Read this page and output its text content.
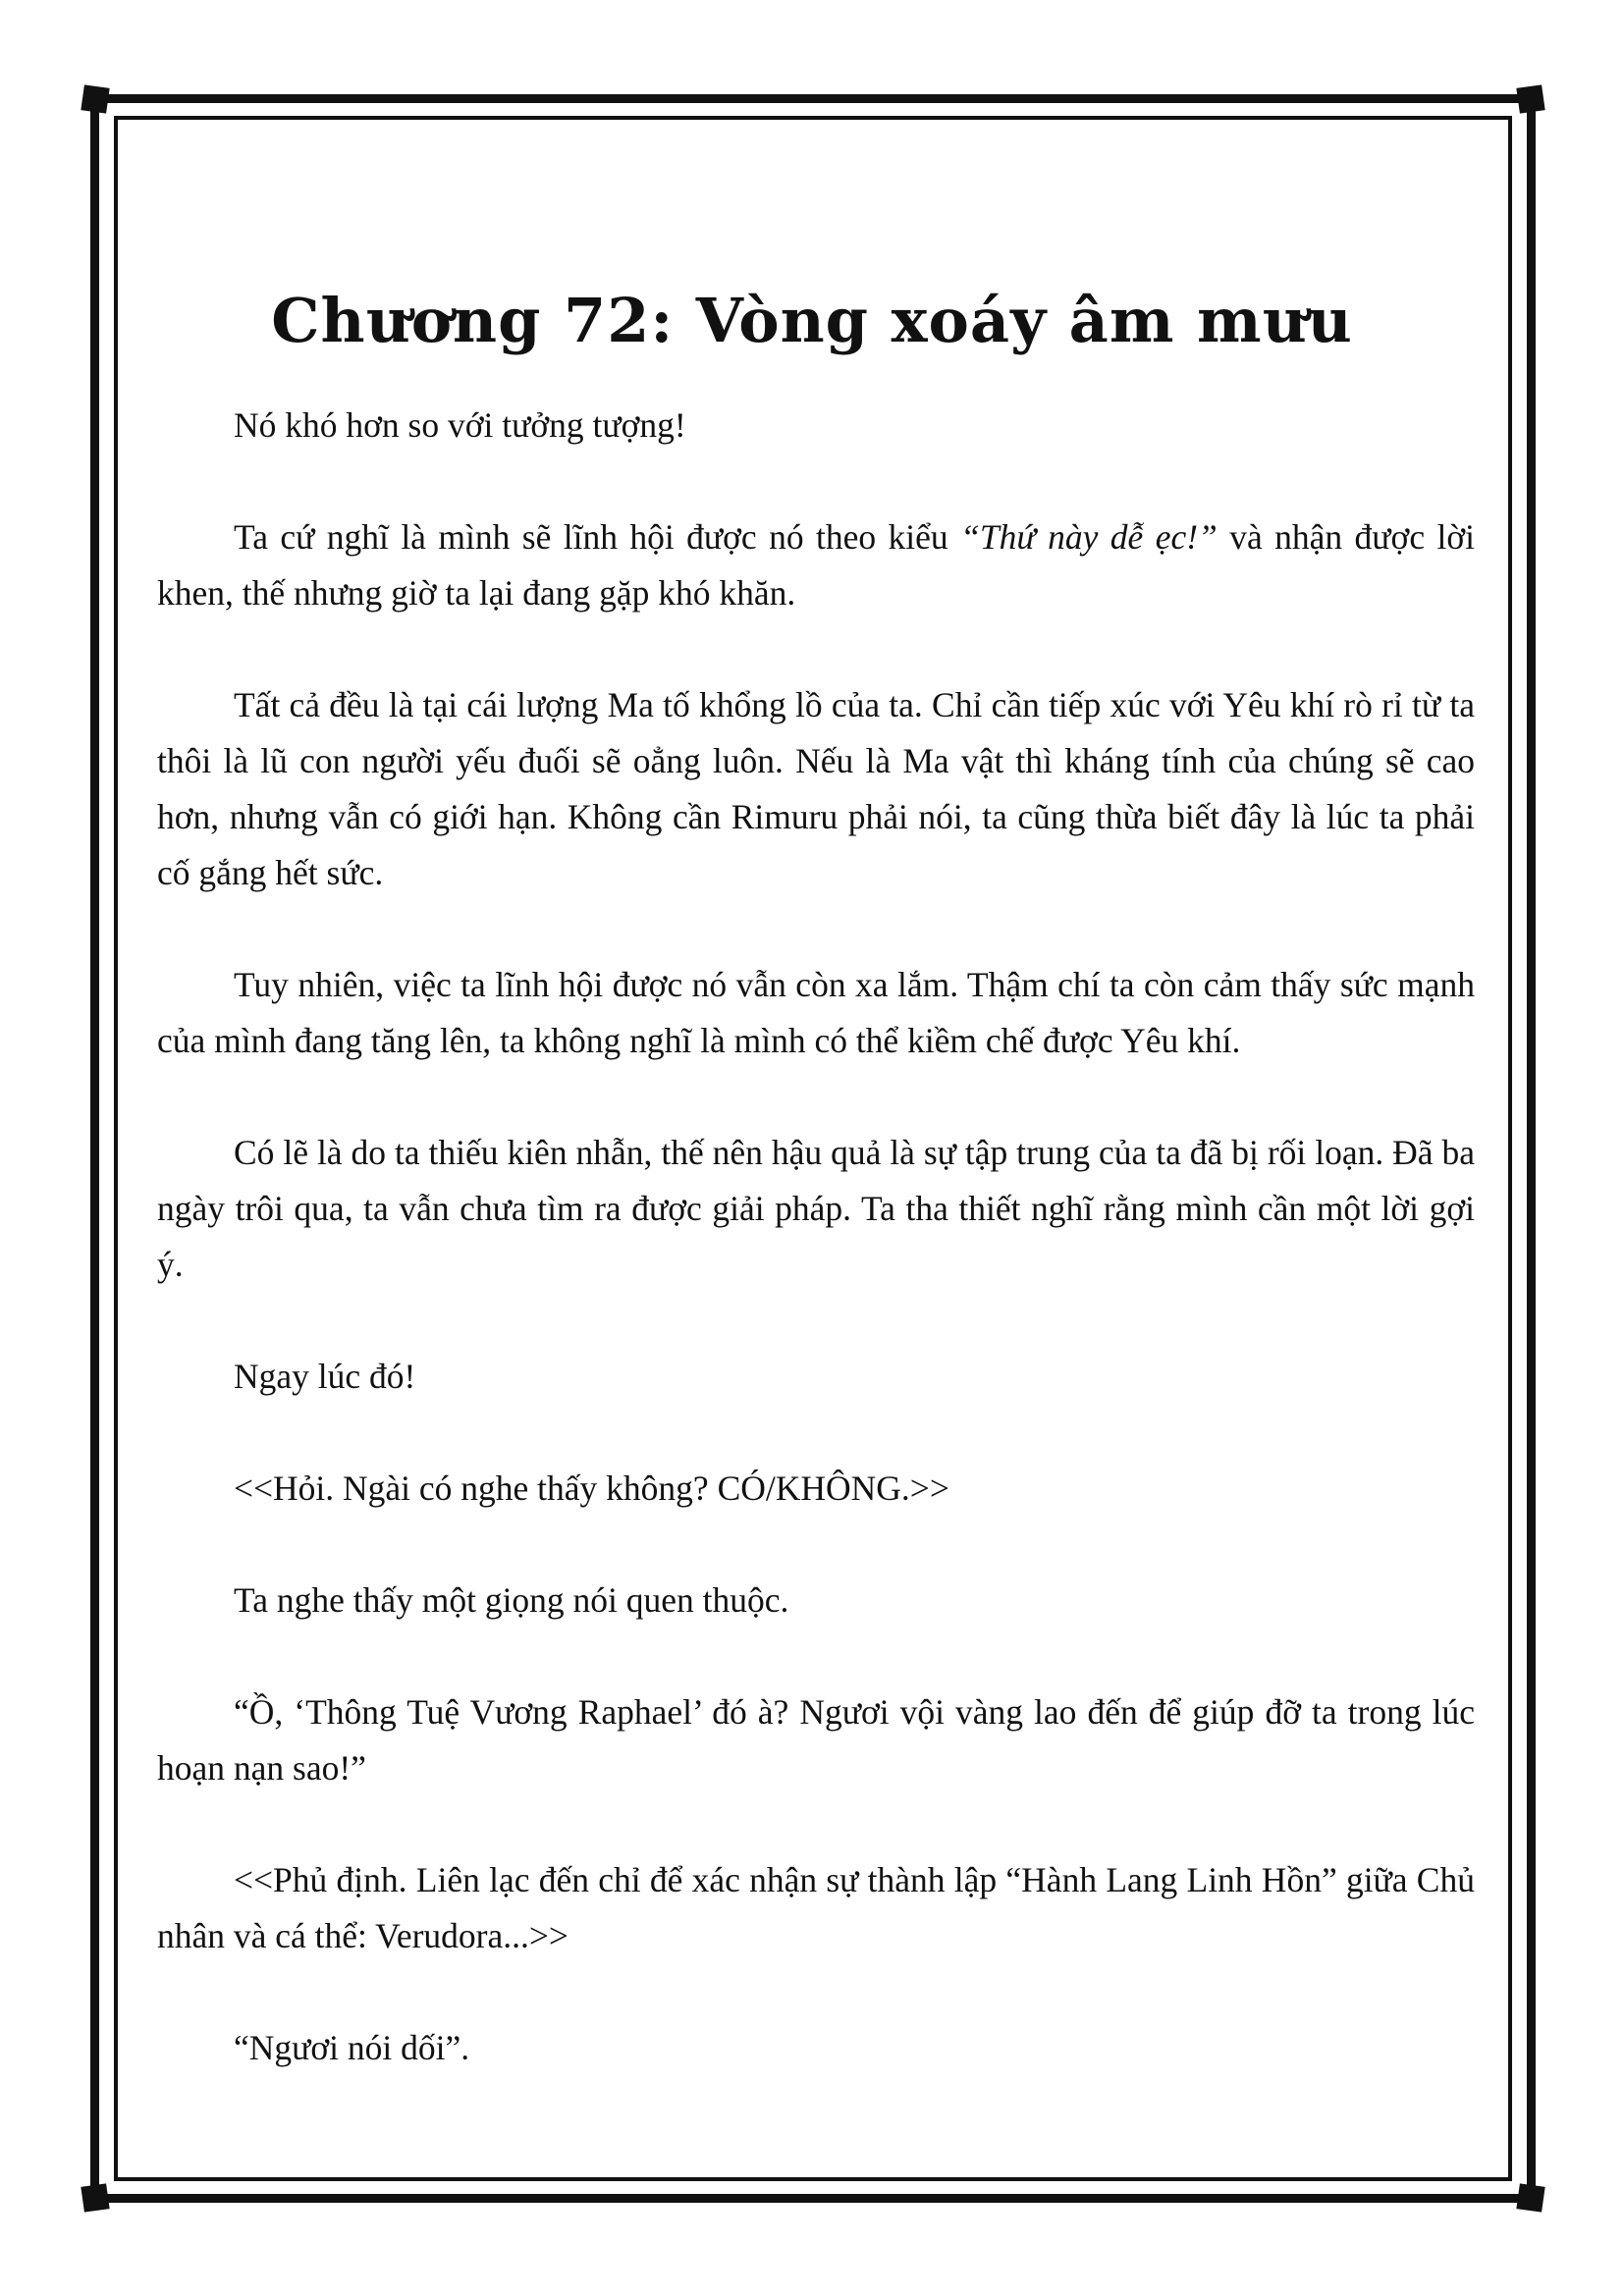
Chương 72: Vòng xoáy âm mưu

Nó khó hơn so với tưởng tượng!

Ta cứ nghĩ là mình sẽ lĩnh hội được nó theo kiểu “Thứ này dễ ẹc!” và nhận được lời khen, thế nhưng giờ ta lại đang gặp khó khăn.

Tất cả đều là tại cái lượng Ma tố khổng lồ của ta. Chỉ cần tiếp xúc với Yêu khí rò rỉ từ ta thôi là lũ con người yếu đuối sẽ oẳng luôn. Nếu là Ma vật thì kháng tính của chúng sẽ cao hơn, nhưng vẫn có giới hạn. Không cần Rimuru phải nói, ta cũng thừa biết đây là lúc ta phải cố gắng hết sức.

Tuy nhiên, việc ta lĩnh hội được nó vẫn còn xa lắm. Thậm chí ta còn cảm thấy sức mạnh của mình đang tăng lên, ta không nghĩ là mình có thể kiềm chế được Yêu khí.

Có lẽ là do ta thiếu kiên nhẫn, thế nên hậu quả là sự tập trung của ta đã bị rối loạn. Đã ba ngày trôi qua, ta vẫn chưa tìm ra được giải pháp. Ta tha thiết nghĩ rằng mình cần một lời gợi ý.

Ngay lúc đó!

<<Hỏi. Ngài có nghe thấy không? CÓ/KHÔNG.>>

Ta nghe thấy một giọng nói quen thuộc.

“Ồ, ‘Thông Tuệ Vương Raphael’ đó à? Ngươi vội vàng lao đến để giúp đỡ ta trong lúc hoạn nạn sao!”

<<Phủ định. Liên lạc đến chỉ để xác nhận sự thành lập “Hành Lang Linh Hồn” giữa Chủ nhân và cá thể: Verudora...>>

“Ngươi nói dối”.
